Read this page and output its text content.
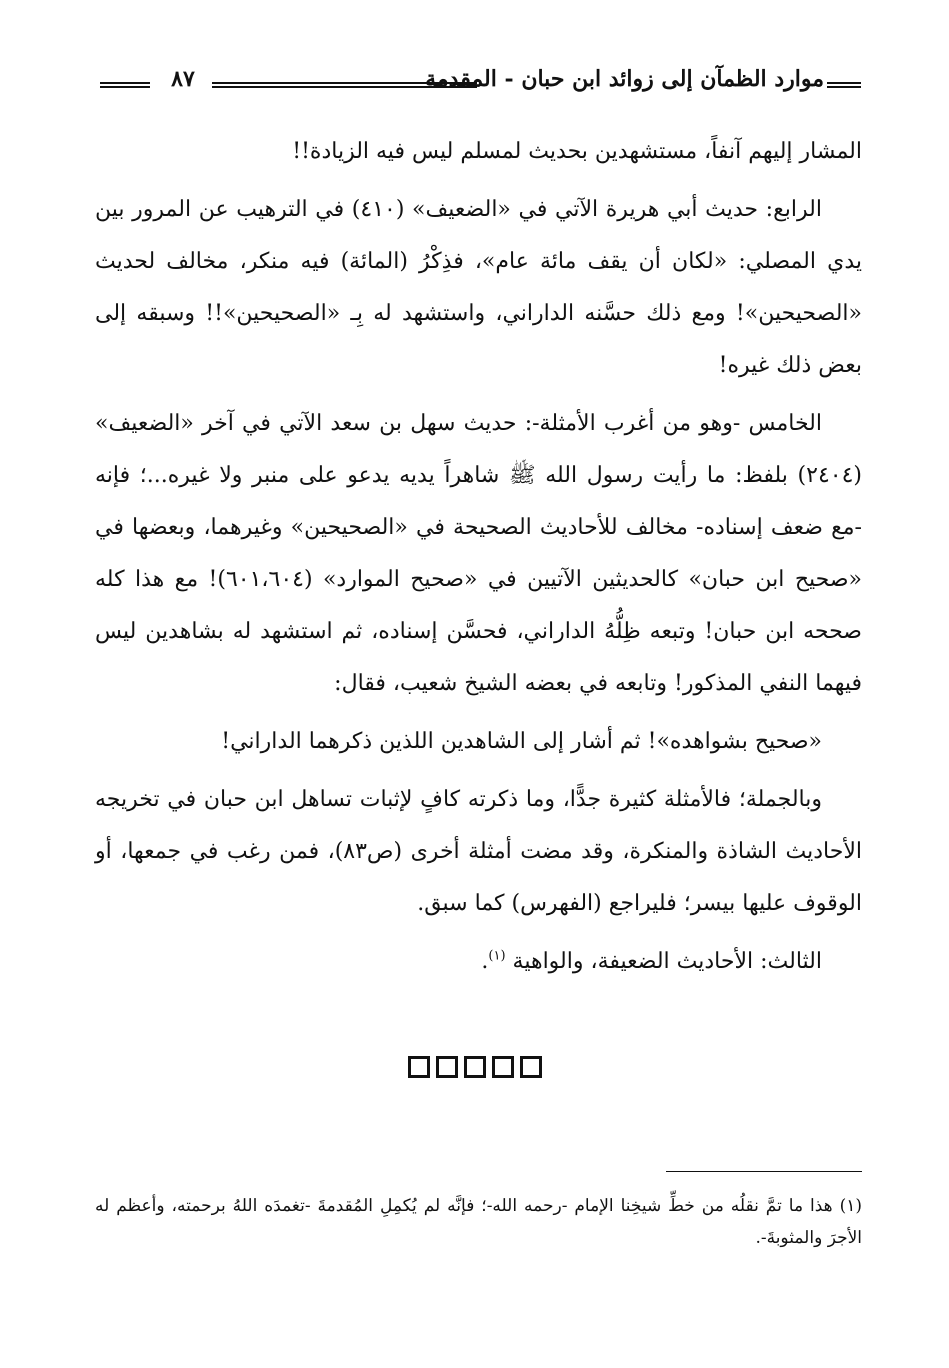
٨٧	موارد الظمآن إلى زوائد ابن حبان - المقدمة

المشار إليهم آنفاً، مستشهدين بحديث لمسلم ليس فيه الزيادة!!

الرابع: حديث أبي هريرة الآتي في «الضعيف» (٤١٠) في الترهيب عن المرور بين يدي المصلي: «لكان أن يقف مائة عام»، فذِكْرُ (المائة) فيه منكر، مخالف لحديث «الصحيحين»! ومع ذلك حسَّنه الداراني، واستشهد له بِـ «الصحيحين»!! وسبقه إلى بعض ذلك غيره!

الخامس -وهو من أغرب الأمثلة-: حديث سهل بن سعد الآتي في آخر «الضعيف» (٢٤٠٤) بلفظ: ما رأيت رسول الله ﷺ شاهراً يديه يدعو على منبر ولا غيره...؛ فإنه -مع ضعف إسناده- مخالف للأحاديث الصحيحة في «الصحيحين» وغيرهما، وبعضها في «صحيح ابن حبان» كالحديثين الآتيين في «صحيح الموارد» (٦٠١،٦٠٤)! مع هذا كله صححه ابن حبان! وتبعه ظِلُّهُ الداراني، فحسَّن إسناده، ثم استشهد له بشاهدين ليس فيهما النفي المذكور! وتابعه في بعضه الشيخ شعيب، فقال:

«صحيح بشواهده»! ثم أشار إلى الشاهدين اللذين ذكرهما الداراني!

وبالجملة؛ فالأمثلة كثيرة جدًّا، وما ذكرته كافٍ لإثبات تساهل ابن حبان في تخريجه الأحاديث الشاذة والمنكرة، وقد مضت أمثلة أخرى (ص٨٣)، فمن رغب في جمعها، أو الوقوف عليها بيسر؛ فليراجع (الفهرس) كما سبق.

الثالث: الأحاديث الضعيفة، والواهية $^{(١)}$.

(١) هذا ما تمَّ نقلُه من خطِّ شيخِنا الإمام -رحمه الله-؛ فإنَّه لم يُكمِلِ المُقدمةَ -تغمدَه اللهُ برحمته، وأعظم له الأجرَ والمثوبةَ-.
